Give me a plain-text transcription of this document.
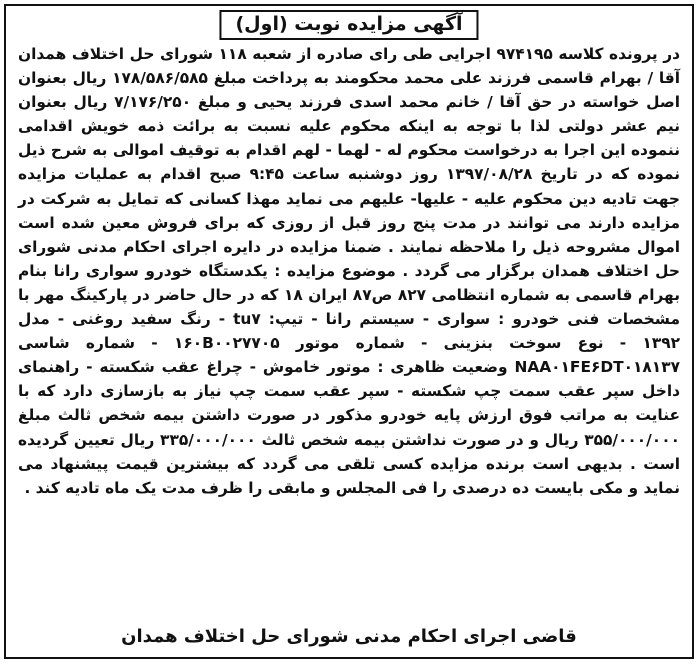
آگهی مزایده نوبت (اول)
در پرونده کلاسه ۹۷۴۱۹۵ اجرایی طی رای صادره از شعبه ۱۱۸ شورای حل اختلاف همدان آقا / بهرام قاسمی فرزند علی محمد محکومند به پرداخت مبلغ ۱۷۸/۵۸۶/۵۸۵ ریال بعنوان اصل خواسته در حق آقا / خانم محمد اسدی فرزند یحیی و مبلغ ۷/۱۷۶/۲۵۰ ریال بعنوان نیم عشر دولتی لذا با توجه به اینکه محکوم علیه نسبت به برائت ذمه خویش اقدامی ننموده این اجرا به درخواست محکوم له - لهما - لهم اقدام به توقیف اموالی به شرح ذیل نموده که در تاریخ ۱۳۹۷/۰۸/۲۸ روز دوشنبه ساعت ۹:۴۵ صبح اقدام به عملیات مزایده جهت تادیه دین محکوم علیه - علیها- علیهم می نماید مهذا کسانی که تمایل به شرکت در مزایده دارند می توانند در مدت پنج روز قبل از روزی که برای فروش معین شده است اموال مشروحه ذیل را ملاحظه نمایند . ضمنا مزایده در دایره اجرای احکام مدنی شورای حل اختلاف همدان برگزار می گردد . موضوع مزایده : یکدستگاه خودرو سواری رانا بنام بهرام قاسمی به شماره انتظامی ۸۲۷ ص۸۷ ایران ۱۸ که در حال حاضر در پارکینگ مهر با مشخصات فنی خودرو : سواری - سیستم رانا - تیپ: tu۷ - رنگ سفید روغنی - مدل ۱۳۹۲ - نوع سوخت بنزینی - شماره موتور ۱۶۰B۰۰۲۷۷۰۵ - شماره شاسی NAA۰۱FE۶DT۰۱۸۱۳۷ وضعیت ظاهری : موتور خاموش - چراغ عقب شکسته - راهنمای داخل سپر عقب سمت چپ شکسته - سپر عقب سمت چپ نیاز به بازسازی دارد که با عنایت به مراتب فوق ارزش پایه خودرو مذکور در صورت داشتن بیمه شخص ثالث مبلغ ۳۵۵/۰۰۰/۰۰۰ ریال و در صورت نداشتن بیمه شخص ثالث ۳۳۵/۰۰۰/۰۰۰ ریال تعیین گردیده است . بدیهی است برنده مزایده کسی تلقی می گردد که بیشترین قیمت پیشنهاد می نماید و مکی بایست ده درصدی را فی المجلس و مابقی را ظرف مدت یک ماه تادیه کند .
قاضی اجرای احکام مدنی شورای حل اختلاف همدان
